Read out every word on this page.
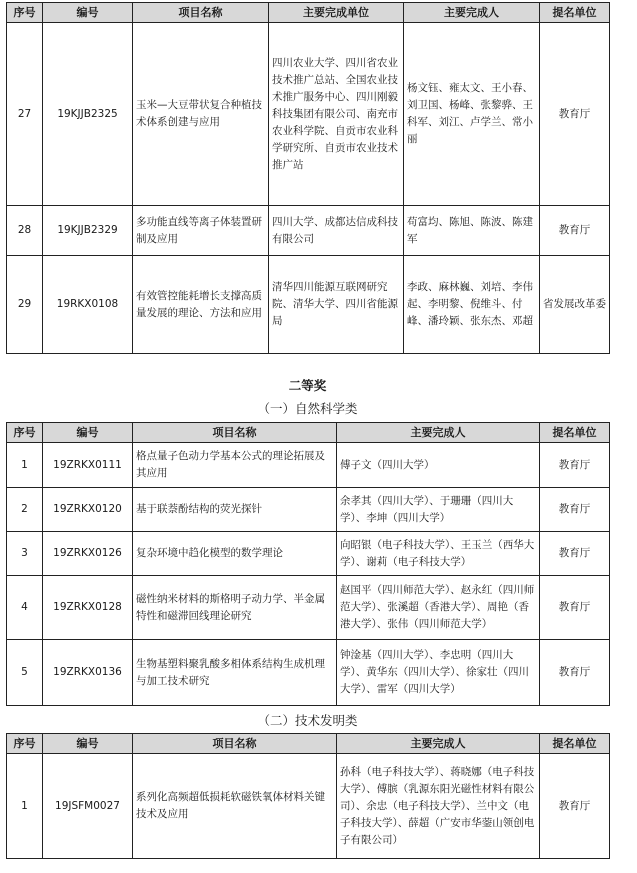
序号	编号	项目名称	主要完成单位	主要完成人	提名单位
27	19KJJB2325	玉米—大豆带状复合种植技术体系创建与应用	四川农业大学、四川省农业技术推广总站、全国农业技术推广服务中心、四川刚毅科技集团有限公司、南充市农业科学院、自贡市农业科学研究所、自贡市农业技术推广站	杨文钰、雍太文、王小春、刘卫国、杨峰、张黎骅、王科军、刘江、卢学兰、常小丽	教育厅
28	19KJJB2329	多功能直线等离子体装置研制及应用	四川大学、成都达信成科技有限公司	苟富均、陈旭、陈波、陈建军	教育厅
29	19RKX0108	有效管控能耗增长支撑高质量发展的理论、方法和应用	清华四川能源互联网研究院、清华大学、四川省能源局	李政、麻林巍、刘培、李伟起、李明黎、倪维斗、付峰、潘玲颖、张东杰、邓超	省发展改革委
二等奖
（一）自然科学类
序号	编号	项目名称	主要完成人	提名单位
1	19ZRKX0111	格点量子色动力学基本公式的理论拓展及其应用	傅子文（四川大学）	教育厅
2	19ZRKX0120	基于联萘酚结构的荧光探针	余孝其（四川大学）、于珊珊（四川大学）、李坤（四川大学）	教育厅
3	19ZRKX0126	复杂环境中趋化模型的数学理论	向昭银（电子科技大学）、王玉兰（西华大学）、谢莉（电子科技大学）	教育厅
4	19ZRKX0128	磁性纳米材料的斯格明子动力学、半金属特性和磁滞回线理论研究	赵国平（四川师范大学）、赵永红（四川师范大学）、张溪超（香港大学）、周艳（香港大学）、张伟（四川师范大学）	教育厅
5	19ZRKX0136	生物基塑料聚乳酸多相体系结构生成机理与加工技术研究	钟淦基（四川大学）、李忠明（四川大学）、黄华东（四川大学）、徐家壮（四川大学）、雷军（四川大学）	教育厅
（二）技术发明类
序号	编号	项目名称	主要完成人	提名单位
1	19JSFM0027	系列化高频超低损耗软磁铁氧体材料关键技术及应用	孙科（电子科技大学）、蒋晓娜（电子科技大学）、傅膑（乳源东阳光磁性材料有限公司）、余忠（电子科技大学）、兰中文（电子科技大学）、薛超（广安市华蓥山领创电子有限公司）	教育厅
